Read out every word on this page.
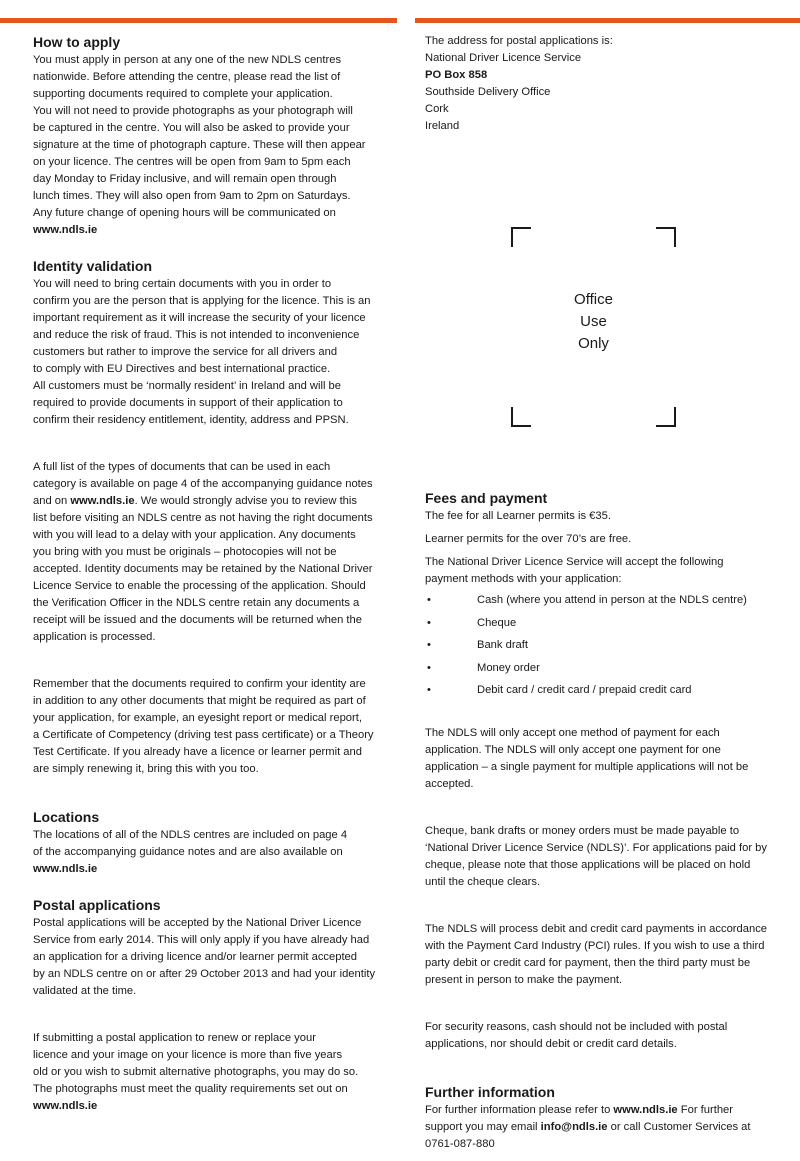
How to apply

You must apply in person at any one of the new NDLS centres

nationwide. Before attending the centre, please read the list of

supporting documents required to complete your application.

You will not need to provide photographs as your photograph will

be captured in the centre. You will also be asked to provide your

signature at the time of photograph capture. These will then appear

on your licence. The centres will be open from 9am to 5pm each

day Monday to Friday inclusive, and will remain open through

lunch times. They will also open from 9am to 2pm on Saturdays.

Any future change of opening hours will be communicated on

www.ndls.ie

Identity validation

You will need to bring certain documents with you in order to

confirm you are the person that is applying for the licence. This is an

important requirement as it will increase the security of your licence

and reduce the risk of fraud. This is not intended to inconvenience

customers but rather to improve the service for all drivers and

to comply with EU Directives and best international practice.

All customers must be ‘normally resident’ in Ireland and will be

required to provide documents in support of their application to

confirm their residency entitlement, identity, address and PPSN.

A full list of the types of documents that can be used in each

category is available on page 4 of the accompanying guidance notes

and on www.ndls.ie. We would strongly advise you to review this

list before visiting an NDLS centre as not having the right documents

with you will lead to a delay with your application. Any documents

you bring with you must be originals – photocopies will not be

accepted. Identity documents may be retained by the National Driver

Licence Service to enable the processing of the application. Should

the Verification Officer in the NDLS centre retain any documents a

receipt will be issued and the documents will be returned when the

application is processed.

Remember that the documents required to confirm your identity are

in addition to any other documents that might be required as part of

your application, for example, an eyesight report or medical report,

a Certificate of Competency (driving test pass certificate) or a Theory

Test Certificate. If you already have a licence or learner permit and

are simply renewing it, bring this with you too.

Locations

The locations of all of the NDLS centres are included on page 4

of the accompanying guidance notes and are also available on

www.ndls.ie

Postal applications

Postal applications will be accepted by the National Driver Licence

Service from early 2014. This will only apply if you have already had

an application for a driving licence and/or learner permit accepted

by an NDLS centre on or after 29 October 2013 and had your identity

validated at the time.

If submitting a postal application to renew or replace your

licence and your image on your licence is more than five years

old or you wish to submit alternative photographs, you may do so.

The photographs must meet the quality requirements set out on

www.ndls.ie

The address for postal applications is:

National Driver Licence Service

PO Box 858

Southside Delivery Office

Cork

Ireland

Office
Use
Only
Fees and payment

The fee for all Learner permits is €35.

Learner permits for the over 70’s are free.

The National Driver Licence Service will accept the following

payment methods with your application:

•	Cash (where you attend in person at the NDLS centre)
•	Cheque
•	Bank draft
•	Money order
•	Debit card / credit card / prepaid credit card

The NDLS will only accept one method of payment for each

application. The NDLS will only accept one payment for one

application – a single payment for multiple applications will not be

accepted.

Cheque, bank drafts or money orders must be made payable to

‘National Driver Licence Service (NDLS)’. For applications paid for by

cheque, please note that those applications will be placed on hold

until the cheque clears.

The NDLS will process debit and credit card payments in accordance

with the Payment Card Industry (PCI) rules. If you wish to use a third

party debit or credit card for payment, then the third party must be

present in person to make the payment.

For security reasons, cash should not be included with postal

applications, nor should debit or credit card details.

Further information

For further information please refer to www.ndls.ie For further

support you may email info@ndls.ie or call Customer Services at

0761-087-880
